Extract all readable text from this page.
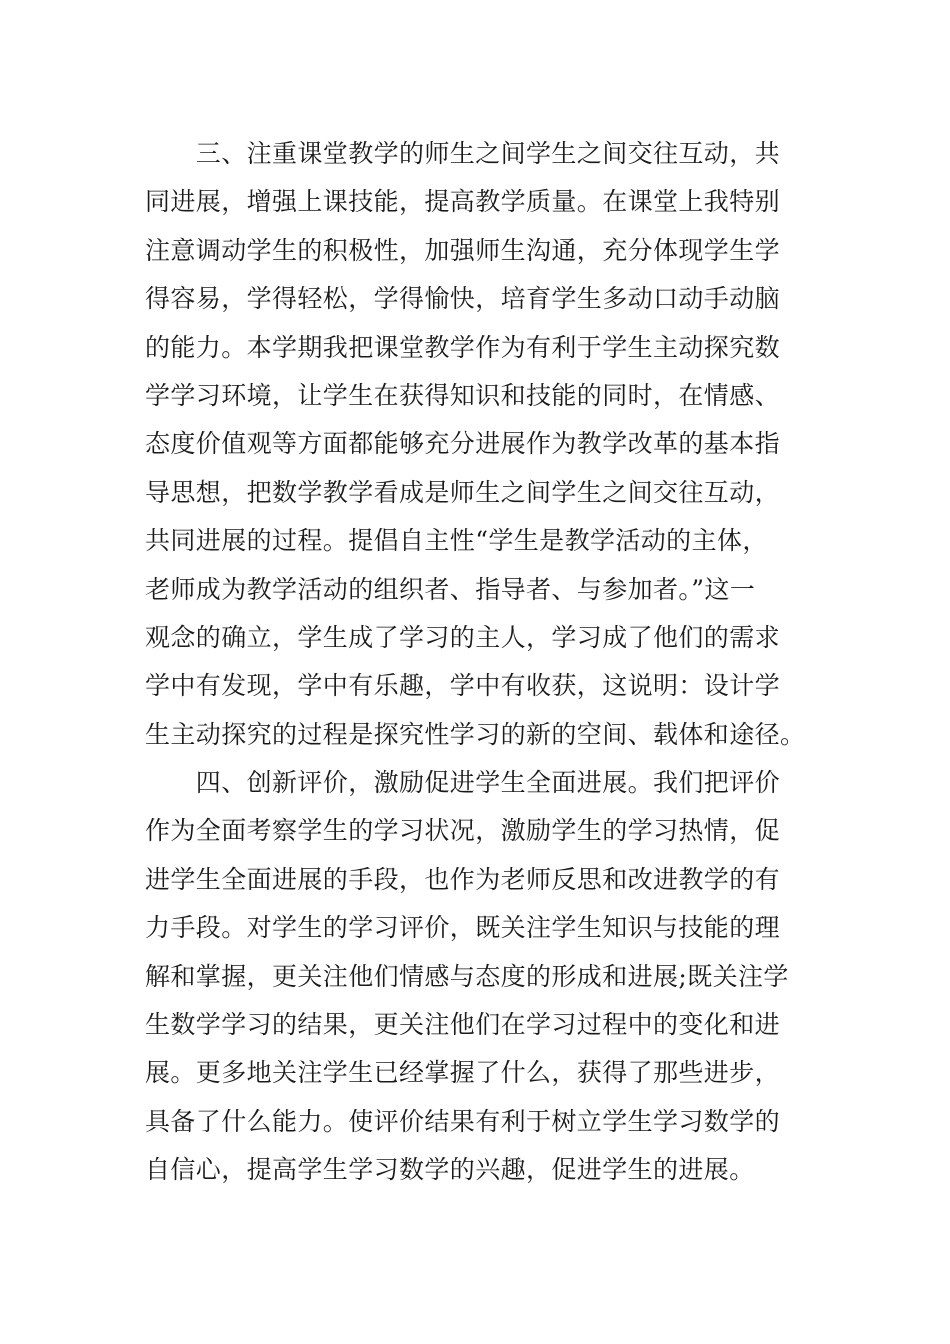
　　三、注重课堂教学的师生之间学生之间交往互动，共
同进展，增强上课技能，提高教学质量。在课堂上我特别
注意调动学生的积极性，加强师生沟通，充分体现学生学
得容易，学得轻松，学得愉快，培育学生多动口动手动脑
的能力。本学期我把课堂教学作为有利于学生主动探究数
学学习环境，让学生在获得知识和技能的同时，在情感、
态度价值观等方面都能够充分进展作为教学改革的基本指
导思想，把数学教学看成是师生之间学生之间交往互动，
共同进展的过程。提倡自主性“学生是教学活动的主体，
老师成为教学活动的组织者、指导者、与参加者。”这一
观念的确立，学生成了学习的主人，学习成了他们的需求
学中有发现，学中有乐趣，学中有收获，这说明：设计学
生主动探究的过程是探究性学习的新的空间、载体和途径。
　　四、创新评价，激励促进学生全面进展。我们把评价
作为全面考察学生的学习状况，激励学生的学习热情，促
进学生全面进展的手段，也作为老师反思和改进教学的有
力手段。对学生的学习评价，既关注学生知识与技能的理
解和掌握，更关注他们情感与态度的形成和进展;既关注学
生数学学习的结果，更关注他们在学习过程中的变化和进
展。更多地关注学生已经掌握了什么，获得了那些进步，
具备了什么能力。使评价结果有利于树立学生学习数学的
自信心，提高学生学习数学的兴趣，促进学生的进展。
